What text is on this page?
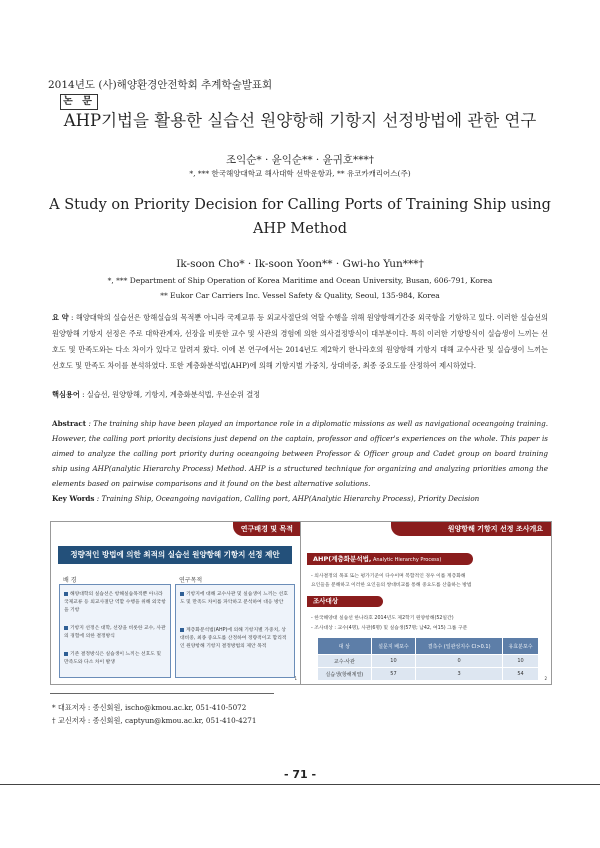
2014년도 (사)해양환경안전학회 추계학술발표회
논 문
AHP기법을 활용한 실습선 원양항해 기항지 선정방법에 관한 연구
조익순* · 윤익순** · 윤귀호***†
*, *** 한국해양대학교 해사대학 선박운항과, ** 유코카캐리어스(주)
A Study on Priority Decision for Calling Ports of Training Ship using AHP Method
Ik-soon Cho* · Ik-soon Yoon** · Gwi-ho Yun***†
*, *** Department of Ship Operation of Korea Maritime and Ocean University, Busan, 606-791, Korea
** Eukor Car Carriers Inc. Vessel Safety & Quality, Seoul, 135-984, Korea
요 약 : 해양대학의 실습선은 항해실습의 목적뿐 아니라 국제교류 등 외교사절단의 역할 수행을 위해 원양항해기간중 외국항을 기항하고 있다. 이러한 실습선의 원양항해 기항지 선정은 주로 대학관계자, 선장을 비롯한 교수 및 사관의 경험에 의한 의사결정방식이 대부분이다. 특히 이러한 기항방식이 실습생이 느끼는 선호도 및 만족도와는 다소 차이가 있다고 알려져 왔다. 이에 본 연구에서는 2014년도 제2학기 한나라호의 원양항해 기항지 대해 교수사관 및 실습생이 느끼는 선호도 및 만족도 차이를 분석하였다. 또한 계층화분석법(AHP)에 의해 기항지별 가중치, 상대비중, 최종 중요도를 산정하여 제시하였다.
핵심용어 : 실습선, 원양항해, 기항지, 계층화분석법, 우선순위 결정
Abstract : The training ship have been played an importance role in a diplomatic missions as well as navigational oceangoing training. However, the calling port priority decisions just depend on the captain, professor and officer's experiences on the whole. This paper is aimed to analyze the calling port priority during oceangoing between Professor & Officer group and Cadet group on board training ship using AHP(analytic Hierarchy Process) Method. AHP is a structured technique for organizing and analyzing priorities among the elements based on pairwise comparisons and it found on the best alternative solutions.
Key Words : Training Ship, Oceangoing navigation, Calling port, AHP(Analytic Hierarchy Process), Priority Decision
연구배경 및 목적
정량적인 방법에 의한 최적의 실습선 원양항해 기항지 선정 제안
배 경	연구목적
해양대학의 실습선은 항해실습목적뿐 아니라 국제교류 등 외교사절단 역할 수행을 위해 외국항을 기항
기항지 선정은 대학, 선장을 비롯한 교수, 사관의 경험에 의한 결정방식
기존 결정방식은 실습생이 느끼는 선호도 및 만족도와 다소 차이 발생
기항지에 대해 교수사관 및 실습생이 느끼는 선호도 및 만족도 차이를 파악하고 분석하여 대응 방안
계층화분석법(AHP)에 의해 기항지별 가중치, 상대비중, 최종 중요도를 산정하여 정량적이고 합리적인 원양항해 기항지 결정방법의 제안 목적
1
원양항해 기항지 선정 조사개요
AHP(계층화분석법, Analytic Hierarchy Process)
- 의사결정의 목표 또는 평가기준이 다수이며 복합적인 경우 이를 계층화해
요인들을 분해하고 이러한 요인들의 쌍대비교를 통해 중요도를 산출하는 방법
조사대상
- 한국해양대 실습선 한나라호 2014년도 제2학기 원양항해(52일간)
- 조사대상 : 교수(4명), 사관(6명) 및 실습생(57명; 남42, 여15) 그룹 구분
대 상	설문지 배포수	결측수 (일관성지수 CI>0.1)	유효분포수
교수·사관	10	0	10
실습생(항해계열)	57	3	54
2
* 대표저자 : 종신회원, ischo@kmou.ac.kr, 051-410-5072
† 교신저자 : 종신회원, captyun@kmou.ac.kr, 051-410-4271
- 71 -
